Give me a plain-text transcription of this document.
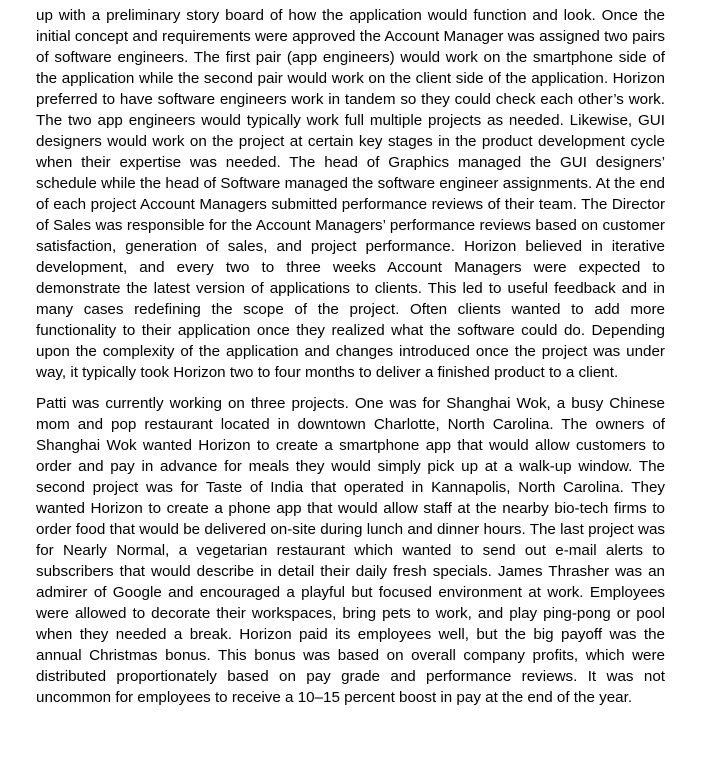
up with a preliminary story board of how the application would function and look. Once the initial concept and requirements were approved the Account Manager was assigned two pairs of software engineers. The first pair (app engineers) would work on the smartphone side of the application while the second pair would work on the client side of the application. Horizon preferred to have software engineers work in tandem so they could check each other’s work. The two app engineers would typically work full multiple projects as needed. Likewise, GUI designers would work on the project at certain key stages in the product development cycle when their expertise was needed. The head of Graphics managed the GUI designers’ schedule while the head of Software managed the software engineer assignments. At the end of each project Account Managers submitted performance reviews of their team. The Director of Sales was responsible for the Account Managers’ performance reviews based on customer satisfaction, generation of sales, and project performance. Horizon believed in iterative development, and every two to three weeks Account Managers were expected to demonstrate the latest version of applications to clients. This led to useful feedback and in many cases redefining the scope of the project. Often clients wanted to add more functionality to their application once they realized what the software could do. Depending upon the complexity of the application and changes introduced once the project was under way, it typically took Horizon two to four months to deliver a finished product to a client.

Patti was currently working on three projects. One was for Shanghai Wok, a busy Chinese mom and pop restaurant located in downtown Charlotte, North Carolina. The owners of Shanghai Wok wanted Horizon to create a smartphone app that would allow customers to order and pay in advance for meals they would simply pick up at a walk-up window. The second project was for Taste of India that operated in Kannapolis, North Carolina. They wanted Horizon to create a phone app that would allow staff at the nearby bio-tech firms to order food that would be delivered on-site during lunch and dinner hours. The last project was for Nearly Normal, a vegetarian restaurant which wanted to send out e-mail alerts to subscribers that would describe in detail their daily fresh specials. James Thrasher was an admirer of Google and encouraged a playful but focused environment at work. Employees were allowed to decorate their workspaces, bring pets to work, and play ping-pong or pool when they needed a break. Horizon paid its employees well, but the big payoff was the annual Christmas bonus. This bonus was based on overall company profits, which were distributed proportionately based on pay grade and performance reviews. It was not uncommon for employees to receive a 10–15 percent boost in pay at the end of the year.
